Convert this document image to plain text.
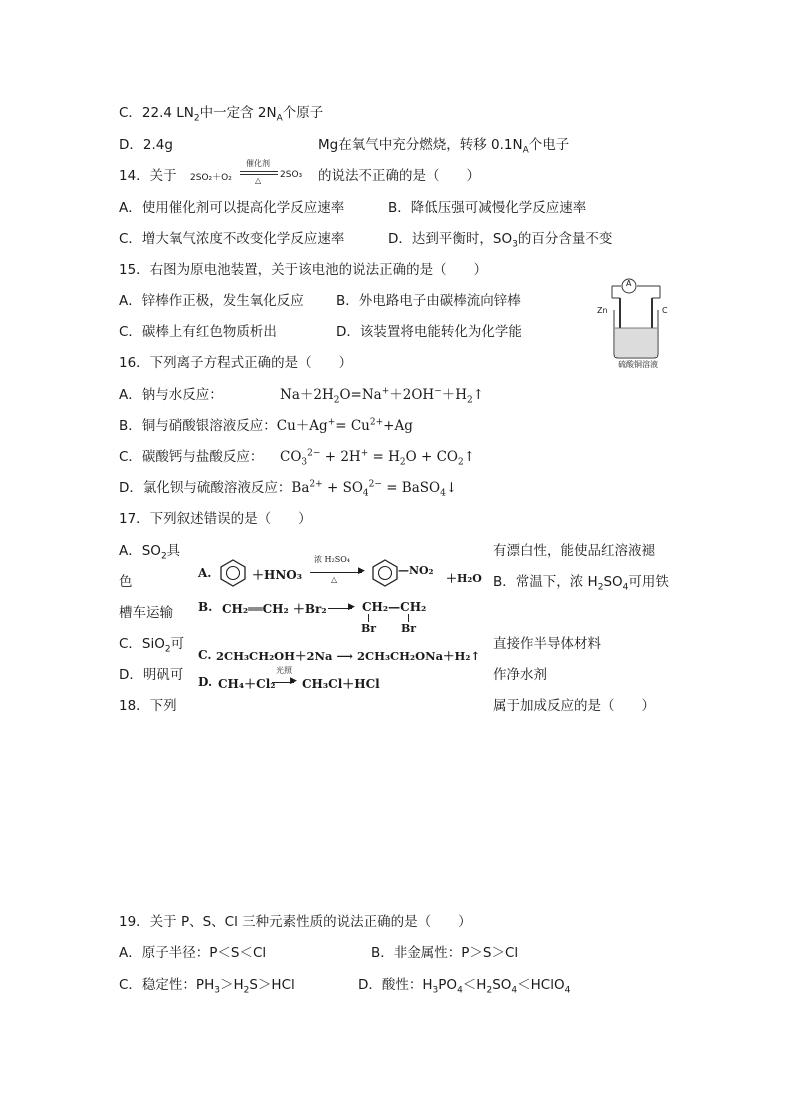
C．22.4 $LN_2$中一定含 $2N_A$个原子
D．2.4g	Mg在氧气中充分燃烧，转移 $0.1N_A$个电子
14．关于 2SO₂＋O₂
催化剂
△
2SO₃ 的说法不正确的是（　　）
A．使用催化剂可以提高化学反应速率	B．降低压强可减慢化学反应速率
C．增大氧气浓度不改变化学反应速率	D．达到平衡时，$SO_3$的百分含量不变
15．右图为原电池装置，关于该电池的说法正确的是（　　）
A．锌棒作正极，发生氧化反应 B．外电路电子由碳棒流向锌棒
C．碳棒上有红色物质析出	D．该装置将电能转化为化学能
A
Zn	C
硫酸铜溶液
16．下列离子方程式正确的是（　　）
A．钠与水反应：	$Na+2H_2O=Na^++2OH^-+H_2↑$
B．铜与硝酸银溶液反应：$Cu+Ag^+= Cu^{2+}+Ag$
C．碳酸钙与盐酸反应： $CO_3^{2-} + 2H^+ = H_2O$ + $CO_2↑$
D．氯化钡与硫酸溶液反应：$Ba^{2+} + SO_4^{2-}$ = BaSO$_4$↓
17．下列叙述错误的是（　　）
A．$SO_2$具	有漂白性，能使品红溶液褪
色	B．常温下，浓 $H_2SO_4$可用铁
槽车运输
C．SiO$_2$可	直接作半导体材料
D．明矾可	作净水剂
18．下列	属于加成反应的是（　　）
A.	＋HNO₃
浓 H₂SO₄
▶
△
—NO₂
＋H₂O
B. CH₂══CH₂ ＋Br₂ ▶ CH₂—CH₂
Br Br
C. 2CH₃CH₂OH＋2Na ⟶ 2CH₃CH₂ONa＋H₂↑
D. CH₄＋Cl₂
光照
▶ CH₃Cl＋HCl
19．关于 P、S、Cl 三种元素性质的说法正确的是（　　）
A．原子半径：P＜S＜Cl	B．非金属性：P＞S＞Cl
C．稳定性：$PH_3>H_2S>HCl$	D．酸性：$H_3PO_4<H_2SO_4<HClO_4$
